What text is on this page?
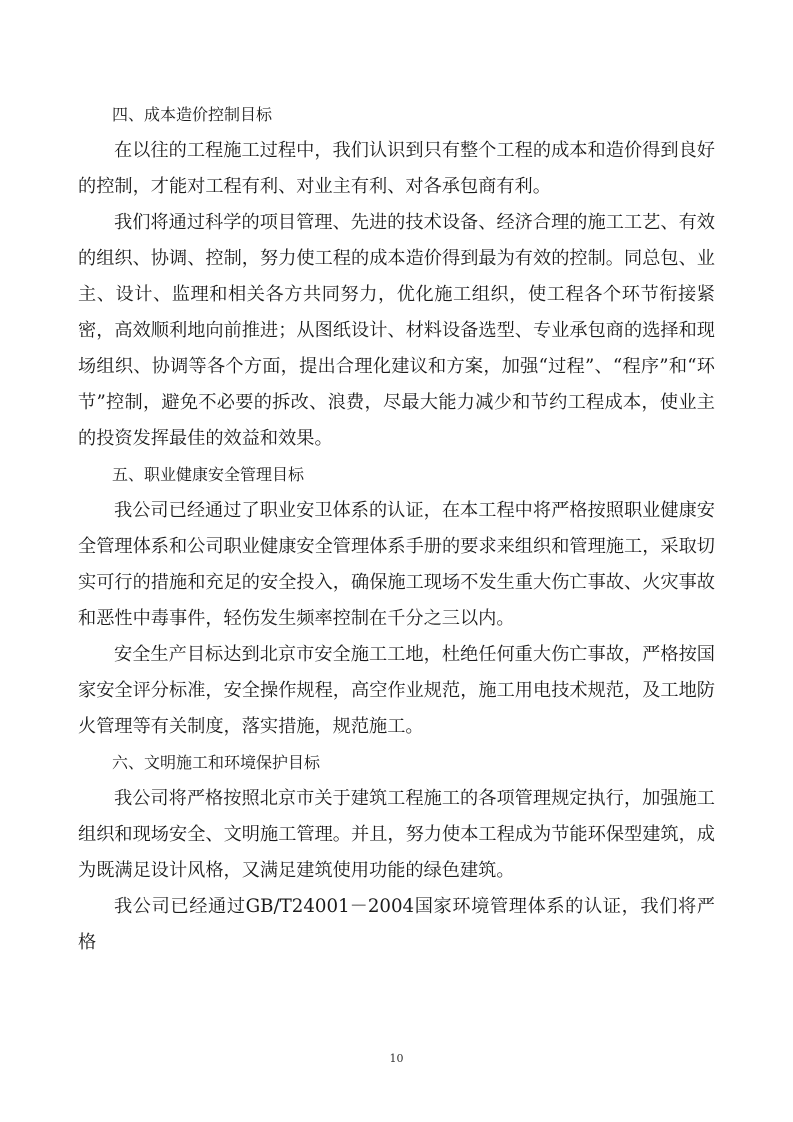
四、成本造价控制目标

在以往的工程施工过程中，我们认识到只有整个工程的成本和造价得到良好的控制，才能对工程有利、对业主有利、对各承包商有利。

我们将通过科学的项目管理、先进的技术设备、经济合理的施工工艺、有效的组织、协调、控制，努力使工程的成本造价得到最为有效的控制。同总包、业主、设计、监理和相关各方共同努力，优化施工组织，使工程各个环节衔接紧密，高效顺利地向前推进；从图纸设计、材料设备选型、专业承包商的选择和现场组织、协调等各个方面，提出合理化建议和方案，加强“过程”、“程序”和“环节”控制，避免不必要的拆改、浪费，尽最大能力减少和节约工程成本，使业主的投资发挥最佳的效益和效果。

五、职业健康安全管理目标

我公司已经通过了职业安卫体系的认证，在本工程中将严格按照职业健康安全管理体系和公司职业健康安全管理体系手册的要求来组织和管理施工，采取切实可行的措施和充足的安全投入，确保施工现场不发生重大伤亡事故、火灾事故和恶性中毒事件，轻伤发生频率控制在千分之三以内。

安全生产目标达到北京市安全施工工地，杜绝任何重大伤亡事故，严格按国家安全评分标准，安全操作规程，高空作业规范，施工用电技术规范，及工地防火管理等有关制度，落实措施，规范施工。

六、文明施工和环境保护目标

我公司将严格按照北京市关于建筑工程施工的各项管理规定执行，加强施工组织和现场安全、文明施工管理。并且，努力使本工程成为节能环保型建筑，成为既满足设计风格，又满足建筑使用功能的绿色建筑。

我公司已经通过GB/T24001－2004国家环境管理体系的认证，我们将严格

10
